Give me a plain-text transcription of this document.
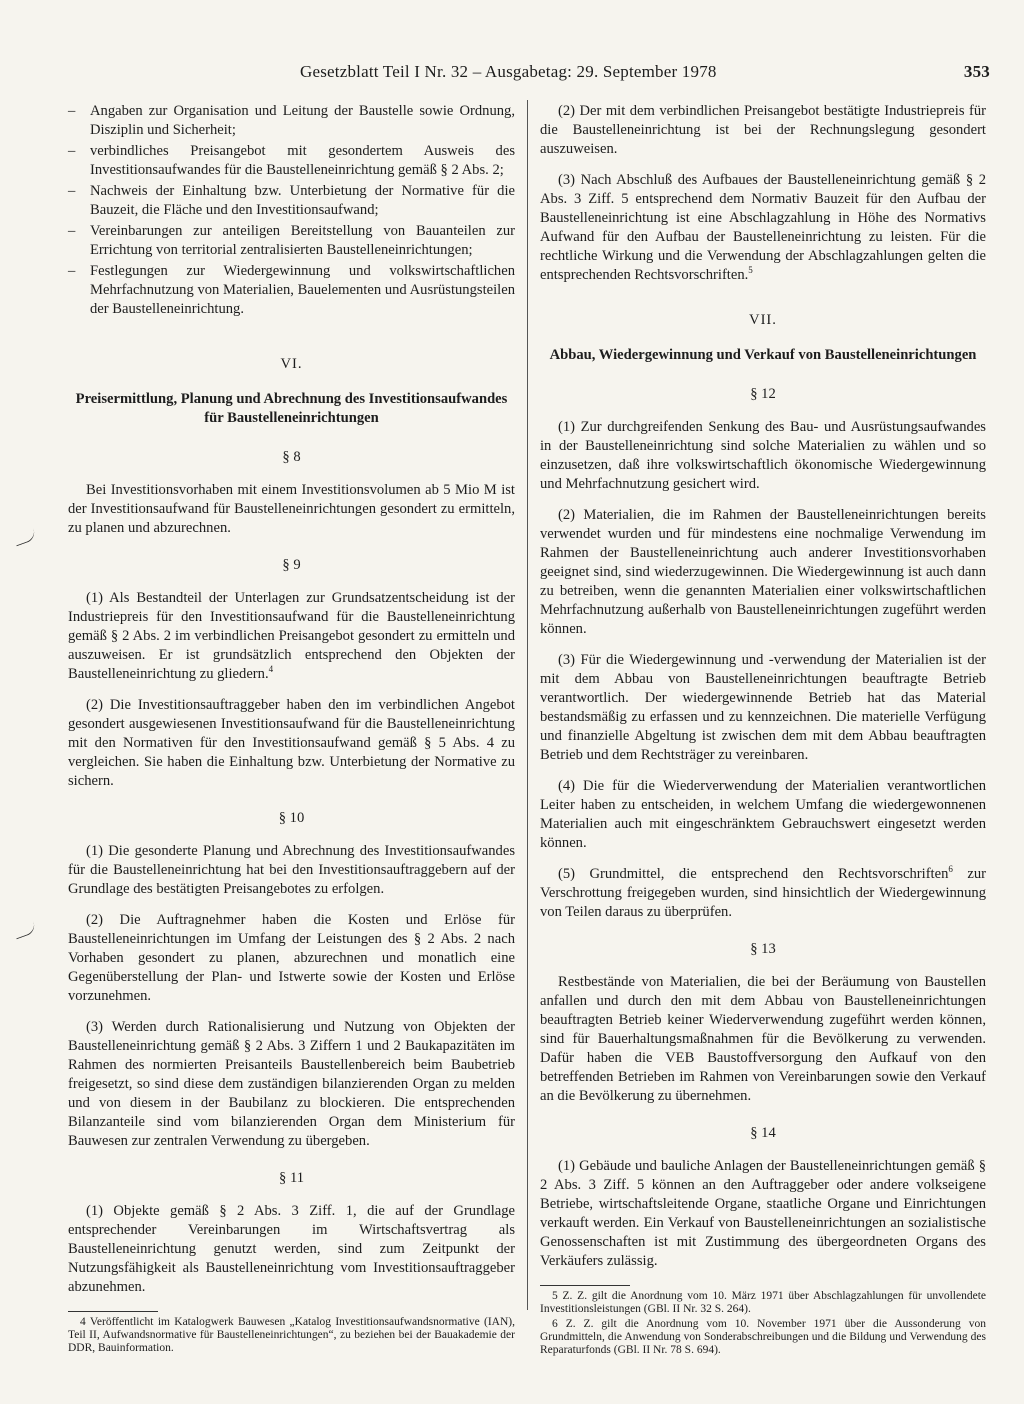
Gesetzblatt Teil I Nr. 32 – Ausgabetag: 29. September 1978	353
– Angaben zur Organisation und Leitung der Baustelle sowie Ordnung, Disziplin und Sicherheit;
– verbindliches Preisangebot mit gesondertem Ausweis des Investitionsaufwandes für die Baustelleneinrichtung gemäß § 2 Abs. 2;
– Nachweis der Einhaltung bzw. Unterbietung der Normative für die Bauzeit, die Fläche und den Investitionsaufwand;
– Vereinbarungen zur anteiligen Bereitstellung von Bauanteilen zur Errichtung von territorial zentralisierten Baustelleneinrichtungen;
– Festlegungen zur Wiedergewinnung und volkswirtschaftlichen Mehrfachnutzung von Materialien, Bauelementen und Ausrüstungsteilen der Baustelleneinrichtung.
VI.
Preisermittlung, Planung und Abrechnung des Investitionsaufwandes für Baustelleneinrichtungen
§ 8

Bei Investitionsvorhaben mit einem Investitionsvolumen ab 5 Mio M ist der Investitionsaufwand für Baustelleneinrichtungen gesondert zu ermitteln, zu planen und abzurechnen.

§ 9

(1) Als Bestandteil der Unterlagen zur Grundsatzentscheidung ist der Industriepreis für den Investitionsaufwand für die Baustelleneinrichtung gemäß § 2 Abs. 2 im verbindlichen Preisangebot gesondert zu ermitteln und auszuweisen. Er ist grundsätzlich entsprechend den Objekten der Baustelleneinrichtung zu gliedern.$^4$

(2) Die Investitionsauftraggeber haben den im verbindlichen Angebot gesondert ausgewiesenen Investitionsaufwand für die Baustelleneinrichtung mit den Normativen für den Investitionsaufwand gemäß § 5 Abs. 4 zu vergleichen. Sie haben die Einhaltung bzw. Unterbietung der Normative zu sichern.

§ 10

(1) Die gesonderte Planung und Abrechnung des Investitionsaufwandes für die Baustelleneinrichtung hat bei den Investitionsauftraggebern auf der Grundlage des bestätigten Preisangebotes zu erfolgen.

(2) Die Auftragnehmer haben die Kosten und Erlöse für Baustelleneinrichtungen im Umfang der Leistungen des § 2 Abs. 2 nach Vorhaben gesondert zu planen, abzurechnen und monatlich eine Gegenüberstellung der Plan- und Istwerte sowie der Kosten und Erlöse vorzunehmen.

(3) Werden durch Rationalisierung und Nutzung von Objekten der Baustelleneinrichtung gemäß § 2 Abs. 3 Ziffern 1 und 2 Baukapazitäten im Rahmen des normierten Preisanteils Baustellenbereich beim Baubetrieb freigesetzt, so sind diese dem zuständigen bilanzierenden Organ zu melden und von diesem in der Baubilanz zu blockieren. Die entsprechenden Bilanzanteile sind vom bilanzierenden Organ dem Ministerium für Bauwesen zur zentralen Verwendung zu übergeben.

§ 11

(1) Objekte gemäß § 2 Abs. 3 Ziff. 1, die auf der Grundlage entsprechender Vereinbarungen im Wirtschaftsvertrag als Baustelleneinrichtung genutzt werden, sind zum Zeitpunkt der Nutzungsfähigkeit als Baustelleneinrichtung vom Investitionsauftraggeber abzunehmen.

4 Veröffentlicht im Katalogwerk Bauwesen „Katalog Investitionsaufwandsnormative (IAN), Teil II, Aufwandsnormative für Baustelleneinrichtungen“, zu beziehen bei der Bauakademie der DDR, Bauinformation.

(2) Der mit dem verbindlichen Preisangebot bestätigte Industriepreis für die Baustelleneinrichtung ist bei der Rechnungslegung gesondert auszuweisen.

(3) Nach Abschluß des Aufbaues der Baustelleneinrichtung gemäß § 2 Abs. 3 Ziff. 5 entsprechend dem Normativ Bauzeit für den Aufbau der Baustelleneinrichtung ist eine Abschlagzahlung in Höhe des Normativs Aufwand für den Aufbau der Baustelleneinrichtung zu leisten. Für die rechtliche Wirkung und die Verwendung der Abschlagzahlungen gelten die entsprechenden Rechtsvorschriften.$^5$

VII.
Abbau, Wiedergewinnung und Verkauf von Baustelleneinrichtungen
§ 12

(1) Zur durchgreifenden Senkung des Bau- und Ausrüstungsaufwandes in der Baustelleneinrichtung sind solche Materialien zu wählen und so einzusetzen, daß ihre volkswirtschaftlich ökonomische Wiedergewinnung und Mehrfachnutzung gesichert wird.

(2) Materialien, die im Rahmen der Baustelleneinrichtungen bereits verwendet wurden und für mindestens eine nochmalige Verwendung im Rahmen der Baustelleneinrichtung auch anderer Investitionsvorhaben geeignet sind, sind wiederzugewinnen. Die Wiedergewinnung ist auch dann zu betreiben, wenn die genannten Materialien einer volkswirtschaftlichen Mehrfachnutzung außerhalb von Baustelleneinrichtungen zugeführt werden können.

(3) Für die Wiedergewinnung und -verwendung der Materialien ist der mit dem Abbau von Baustelleneinrichtungen beauftragte Betrieb verantwortlich. Der wiedergewinnende Betrieb hat das Material bestandsmäßig zu erfassen und zu kennzeichnen. Die materielle Verfügung und finanzielle Abgeltung ist zwischen dem mit dem Abbau beauftragten Betrieb und dem Rechtsträger zu vereinbaren.

(4) Die für die Wiederverwendung der Materialien verantwortlichen Leiter haben zu entscheiden, in welchem Umfang die wiedergewonnenen Materialien auch mit eingeschränktem Gebrauchswert eingesetzt werden können.

(5) Grundmittel, die entsprechend den Rechtsvorschriften$^6$ zur Verschrottung freigegeben wurden, sind hinsichtlich der Wiedergewinnung von Teilen daraus zu überprüfen.

§ 13

Restbestände von Materialien, die bei der Beräumung von Baustellen anfallen und durch den mit dem Abbau von Baustelleneinrichtungen beauftragten Betrieb keiner Wiederverwendung zugeführt werden können, sind für Bauerhaltungsmaßnahmen für die Bevölkerung zu verwenden. Dafür haben die VEB Baustoffversorgung den Aufkauf von den betreffenden Betrieben im Rahmen von Vereinbarungen sowie den Verkauf an die Bevölkerung zu übernehmen.

§ 14

(1) Gebäude und bauliche Anlagen der Baustelleneinrichtungen gemäß § 2 Abs. 3 Ziff. 5 können an den Auftraggeber oder andere volkseigene Betriebe, wirtschaftsleitende Organe, staatliche Organe und Einrichtungen verkauft werden. Ein Verkauf von Baustelleneinrichtungen an sozialistische Genossenschaften ist mit Zustimmung des übergeordneten Organs des Verkäufers zulässig.

5 Z. Z. gilt die Anordnung vom 10. März 1971 über Abschlagzahlungen für unvollendete Investitionsleistungen (GBl. II Nr. 32 S. 264).

6 Z. Z. gilt die Anordnung vom 10. November 1971 über die Aussonderung von Grundmitteln, die Anwendung von Sonderabschreibungen und die Bildung und Verwendung des Reparaturfonds (GBl. II Nr. 78 S. 694).
